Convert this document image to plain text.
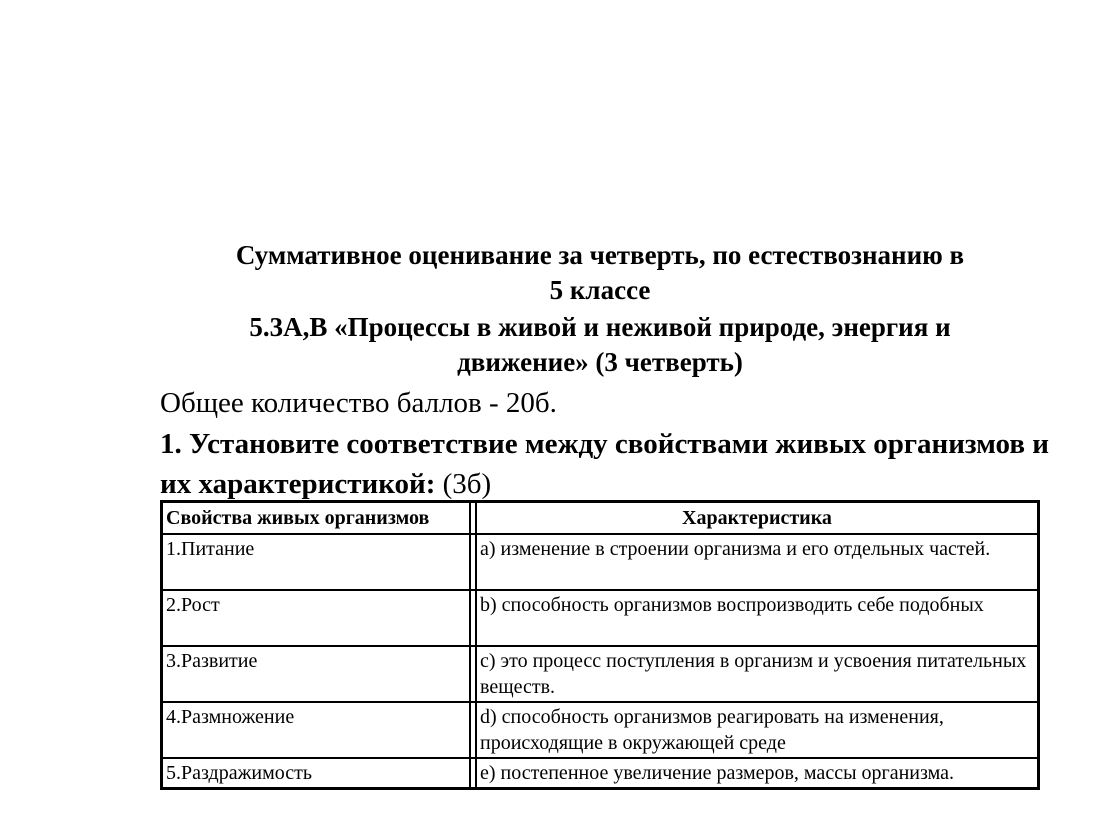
Суммативное оценивание за четверть, по естествознанию в
5 классе
5.3А,В «Процессы в живой и неживой природе, энергия и
движение» (3 четверть)

Общее количество баллов - 20б.

1. Установите соответствие между свойствами живых организмов и их характеристикой: (3б)

Свойства живых организмов		Характеристика
1.Питание		a) изменение в строении организма и его отдельных частей.
2.Рост		b) способность организмов воспроизводить себе подобных
3.Развитие		c) это процесс поступления в организм и усвоения питательных веществ.
4.Размножение		d) способность организмов реагировать на изменения, происходящие в окружающей среде
5.Раздражимость		e) постепенное увеличение размеров, массы организма.
